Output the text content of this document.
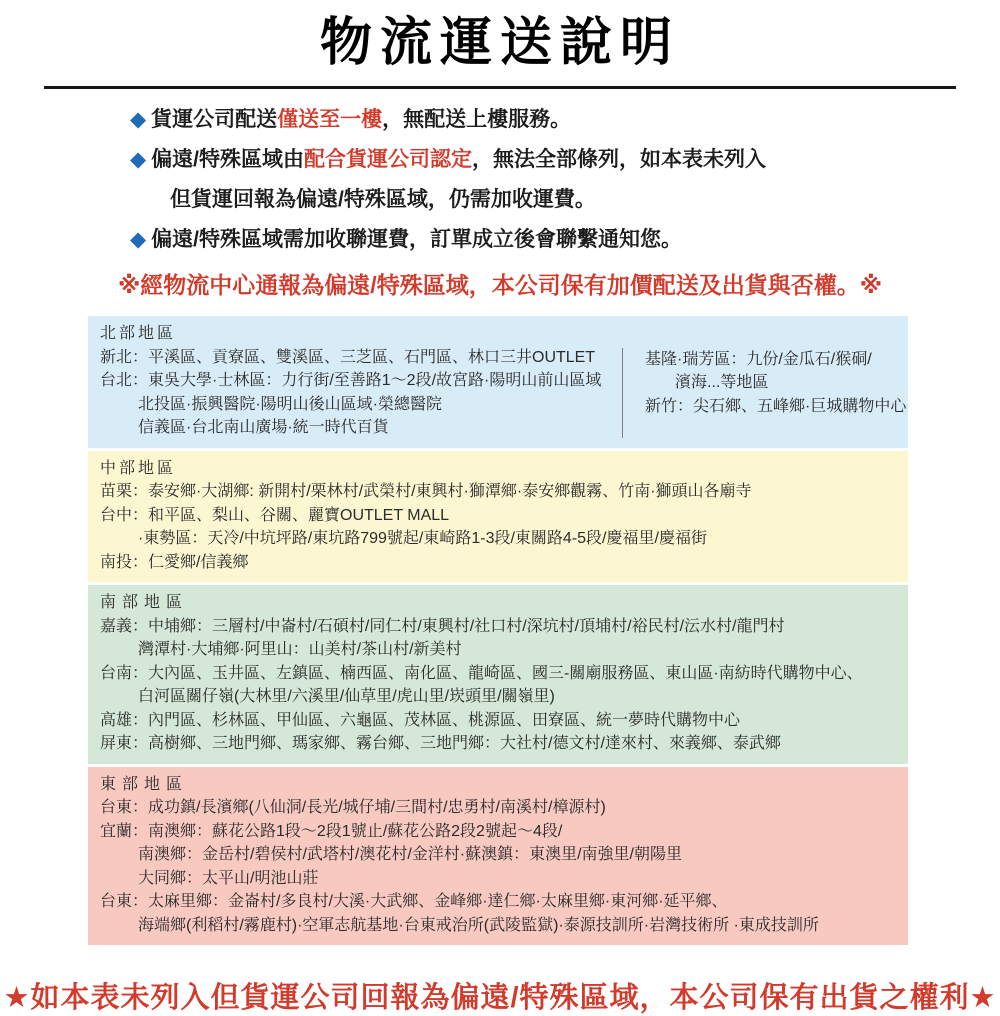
物流運送說明
◆ 貨運公司配送僅送至一樓，無配送上樓服務。
◆ 偏遠/特殊區域由配合貨運公司認定，無法全部條列，如本表未列入
但貨運回報為偏遠/特殊區域，仍需加收運費。
◆ 偏遠/特殊區域需加收聯運費，訂單成立後會聯繫通知您。
※經物流中心通報為偏遠/特殊區域，本公司保有加價配送及出貨與否權。※
北部地區
新北：平溪區、貢寮區、雙溪區、三芝區、石門區、林口三井OUTLET
台北：東吳大學·士林區：力行街/至善路1～2段/故宮路·陽明山前山區域
北投區·振興醫院·陽明山後山區域·榮總醫院
信義區·台北南山廣場·統一時代百貨
基隆·瑞芳區：九份/金瓜石/猴硐/
濱海...等地區
新竹：尖石鄉、五峰鄉·巨城購物中心
中部地區
苗栗：泰安鄉·大湖鄉: 新開村/栗林村/武榮村/東興村·獅潭鄉·泰安鄉觀霧、竹南·獅頭山各廟寺
台中：和平區、梨山、谷關、麗寶OUTLET MALL
·東勢區：天冷/中坑坪路/東坑路799號起/東崎路1-3段/東關路4-5段/慶福里/慶福街
南投：仁愛鄉/信義鄉
南部地區
嘉義：中埔鄉：三層村/中崙村/石碩村/同仁村/東興村/社口村/深坑村/頂埔村/裕民村/沄水村/龍門村
灣潭村·大埔鄉·阿里山：山美村/茶山村/新美村
台南：大內區、玉井區、左鎮區、楠西區、南化區、龍崎區、國三-關廟服務區、東山區·南紡時代購物中心、
白河區關仔嶺(大林里/六溪里/仙草里/虎山里/崁頭里/關嶺里)
高雄：內門區、杉林區、甲仙區、六龜區、茂林區、桃源區、田寮區、統一夢時代購物中心
屏東：高樹鄉、三地門鄉、瑪家鄉、霧台鄉、三地門鄉：大社村/德文村/達來村、來義鄉、泰武鄉
東部地區
台東：成功鎮/長濱鄉(八仙洞/長光/城仔埔/三間村/忠勇村/南溪村/樟源村)
宜蘭：南澳鄉：蘇花公路1段～2段1號止/蘇花公路2段2號起～4段/
南澳鄉：金岳村/碧侯村/武塔村/澳花村/金洋村·蘇澳鎮：東澳里/南強里/朝陽里
大同鄉：太平山/明池山莊
台東：太麻里鄉：金崙村/多良村/大溪·大武鄉、金峰鄉·達仁鄉·太麻里鄉·東河鄉·延平鄉、
海端鄉(利稻村/霧鹿村)·空軍志航基地·台東戒治所(武陵監獄)·泰源技訓所·岩灣技術所 ·東成技訓所
★如本表未列入但貨運公司回報為偏遠/特殊區域，本公司保有出貨之權利★
